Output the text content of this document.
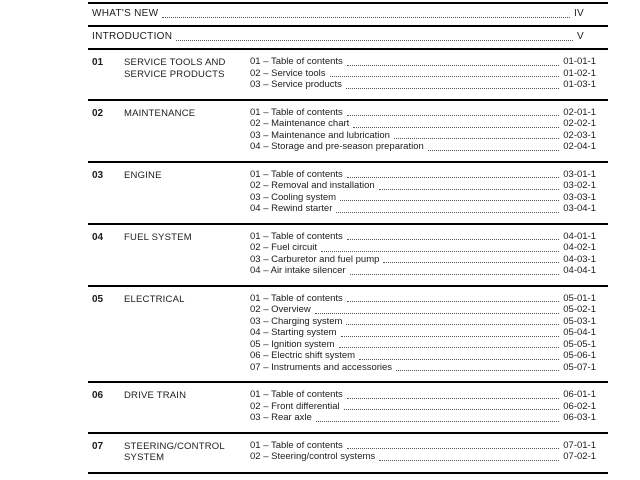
WHAT'S NEW	IV
INTRODUCTION	V
01	SERVICE TOOLS AND SERVICE PRODUCTS
01 – Table of contents	01-01-1
02 – Service tools	01-02-1
03 – Service products	01-03-1
02	MAINTENANCE	01 – Table of contents	02-01-1
02 – Maintenance chart	02-02-1
03 – Maintenance and lubrication	02-03-1
04 – Storage and pre-season preparation	02-04-1
03	ENGINE	01 – Table of contents	03-01-1
02 – Removal and installation	03-02-1
03 – Cooling system	03-03-1
04 – Rewind starter	03-04-1
04	FUEL SYSTEM	01 – Table of contents	04-01-1
02 – Fuel circuit	04-02-1
03 – Carburetor and fuel pump	04-03-1
04 – Air intake silencer	04-04-1
05	ELECTRICAL	01 – Table of contents	05-01-1
02 – Overview	05-02-1
03 – Charging system	05-03-1
04 – Starting system	05-04-1
05 – Ignition system	05-05-1
06 – Electric shift system	05-06-1
07 – Instruments and accessories	05-07-1
06	DRIVE TRAIN	01 – Table of contents	06-01-1
02 – Front differential	06-02-1
03 – Rear axle	06-03-1
07	STEERING/CONTROL SYSTEM
01 – Table of contents	07-01-1
02 – Steering/control systems	07-02-1
